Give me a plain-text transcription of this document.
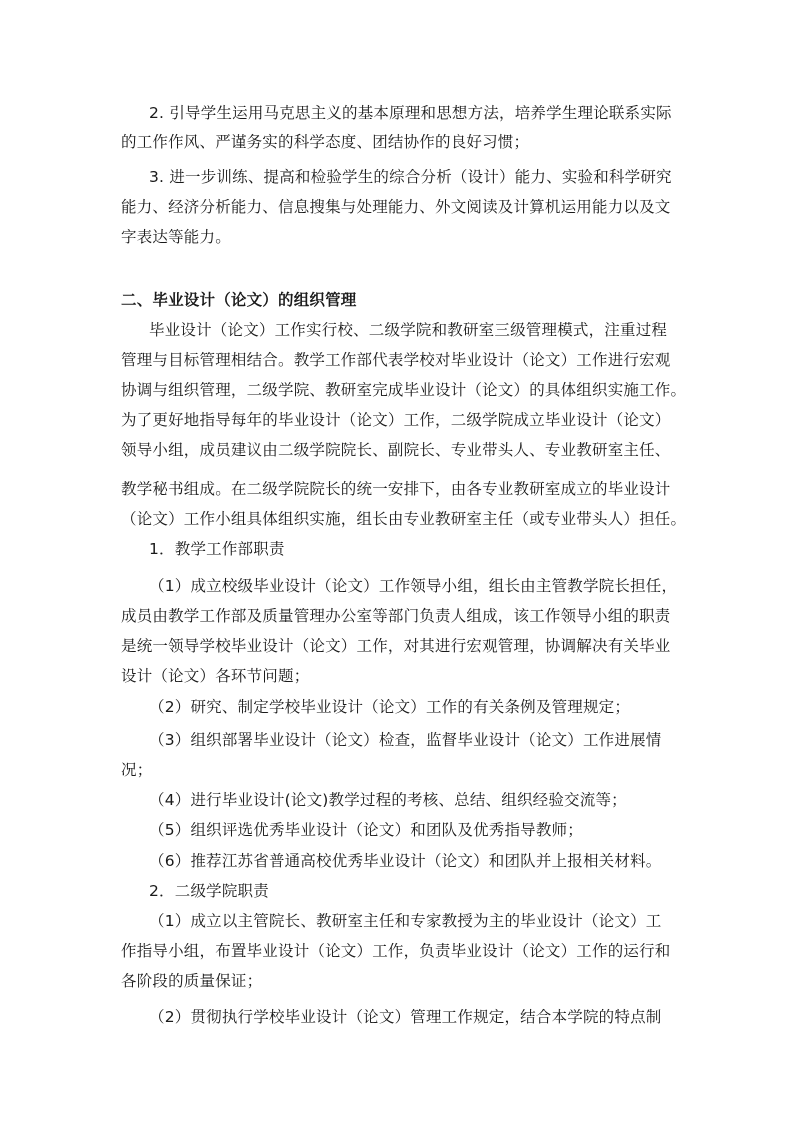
2. 引导学生运用马克思主义的基本原理和思想方法，培养学生理论联系实际
的工作作风、严谨务实的科学态度、团结协作的良好习惯；
3. 进一步训练、提高和检验学生的综合分析（设计）能力、实验和科学研究
能力、经济分析能力、信息搜集与处理能力、外文阅读及计算机运用能力以及文
字表达等能力。
二、毕业设计（论文）的组织管理
毕业设计（论文）工作实行校、二级学院和教研室三级管理模式，注重过程
管理与目标管理相结合。教学工作部代表学校对毕业设计（论文）工作进行宏观
协调与组织管理，二级学院、教研室完成毕业设计（论文）的具体组织实施工作。
为了更好地指导每年的毕业设计（论文）工作，二级学院成立毕业设计（论文）
领导小组，成员建议由二级学院院长、副院长、专业带头人、专业教研室主任、
教学秘书组成。在二级学院院长的统一安排下，由各专业教研室成立的毕业设计
（论文）工作小组具体组织实施，组长由专业教研室主任（或专业带头人）担任。
1．教学工作部职责
（1）成立校级毕业设计（论文）工作领导小组，组长由主管教学院长担任，
成员由教学工作部及质量管理办公室等部门负责人组成，该工作领导小组的职责
是统一领导学校毕业设计（论文）工作，对其进行宏观管理，协调解决有关毕业
设计（论文）各环节问题；
（2）研究、制定学校毕业设计（论文）工作的有关条例及管理规定；
（3）组织部署毕业设计（论文）检查，监督毕业设计（论文）工作进展情
况；
（4）进行毕业设计(论文)教学过程的考核、总结、组织经验交流等；
（5）组织评选优秀毕业设计（论文）和团队及优秀指导教师；
（6）推荐江苏省普通高校优秀毕业设计（论文）和团队并上报相关材料。
2．二级学院职责
（1）成立以主管院长、教研室主任和专家教授为主的毕业设计（论文）工
作指导小组，布置毕业设计（论文）工作，负责毕业设计（论文）工作的运行和
各阶段的质量保证；
（2）贯彻执行学校毕业设计（论文）管理工作规定，结合本学院的特点制
